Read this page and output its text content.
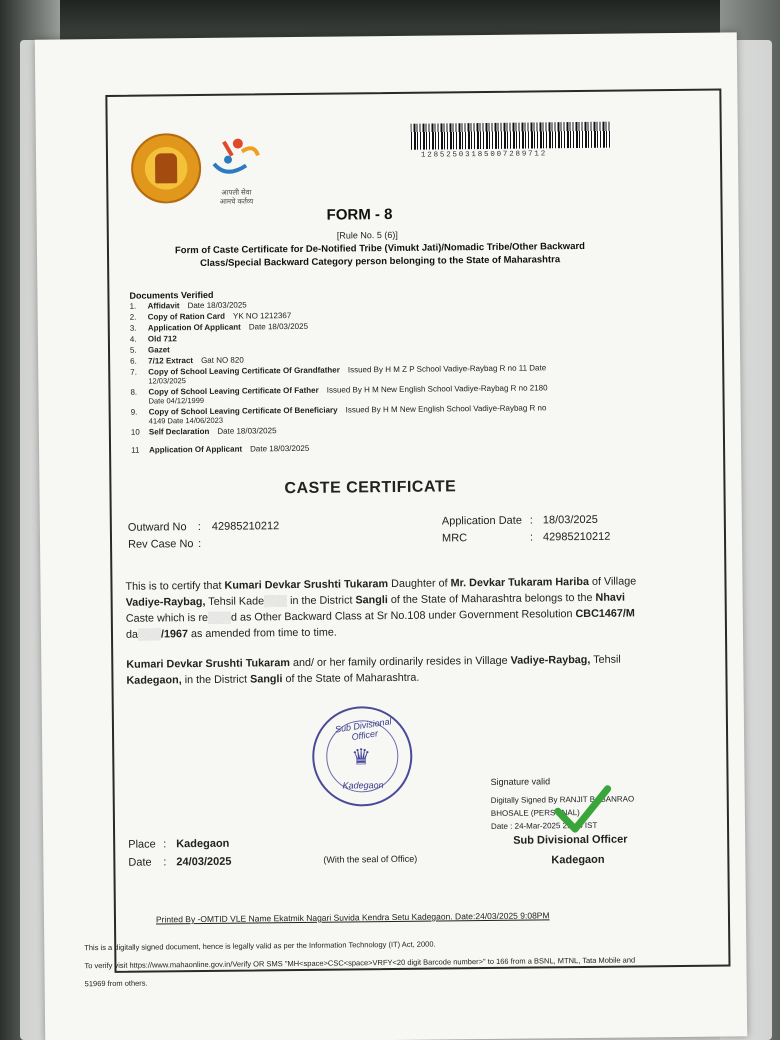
आपली सेवा
आमचे कर्तव्य
12852503185007289712
FORM - 8
[Rule No. 5 (6)]
Form of Caste Certificate for De-Notified Tribe (Vimukt Jati)/Nomadic Tribe/Other Backward Class/Special Backward Category person belonging to the State of Maharashtra
Documents Verified
1. Affidavit Date 18/03/2025
2. Copy of Ration Card YK NO 1212367
3. Application Of Applicant Date 18/03/2025
4. Old 712
5. Gazet
6. 7/12 Extract Gat NO 820
7. Copy of School Leaving Certificate Of Grandfather Issued By H M Z P School Vadiye-Raybag R no 11 Date
12/03/2025
8. Copy of School Leaving Certificate Of Father Issued By H M New English School Vadiye-Raybag R no 2180
Date 04/12/1999
9. Copy of School Leaving Certificate Of Beneficiary Issued By H M New English School Vadiye-Raybag R no
4149 Date 14/06/2023
10 Self Declaration Date 18/03/2025
11 Application Of Applicant Date 18/03/2025
CASTE CERTIFICATE
Outward No : 42985210212
Rev Case No :
Application Date : 18/03/2025
MRC	: 42985210212
This is to certify that Kumari Devkar Srushti Tukaram Daughter of Mr. Devkar Tukaram Hariba of Village Vadiye-Raybag, Tehsil Kade▒▒▒ in the District Sangli of the State of Maharashtra belongs to the Nhavi Caste which is re▒▒▒d as Other Backward Class at Sr No.108 under Government Resolution CBC1467/M da▒▒▒/1967 as amended from time to time.
Kumari Devkar Srushti Tukaram and/ or her family ordinarily resides in Village Vadiye-Raybag, Tehsil Kadegaon, in the District Sangli of the State of Maharashtra.
Sub Divisional Officer
♛
Kadegaon	Signature valid
Digitally Signed By RANJIT BABANRAO
BHOSALE (PERSONAL)
Date : 24-Mar-2025 21:44 IST
Sub Divisional Officer
Kadegaon
Place : Kadegaon
Date : 24/03/2025	(With the seal of Office)
Printed By -OMTID VLE Name Ekatmik Nagari Suvida Kendra Setu Kadegaon. Date:24/03/2025 9:08PM
This is a digitally signed document, hence is legally valid as per the Information Technology (IT) Act, 2000.
To verify visit https://www.mahaonline.gov.in/Verify OR SMS "MH<space>CSC<space>VRFY<20 digit Barcode number>" to 166 from a BSNL, MTNL, Tata Mobile and
51969 from others.
